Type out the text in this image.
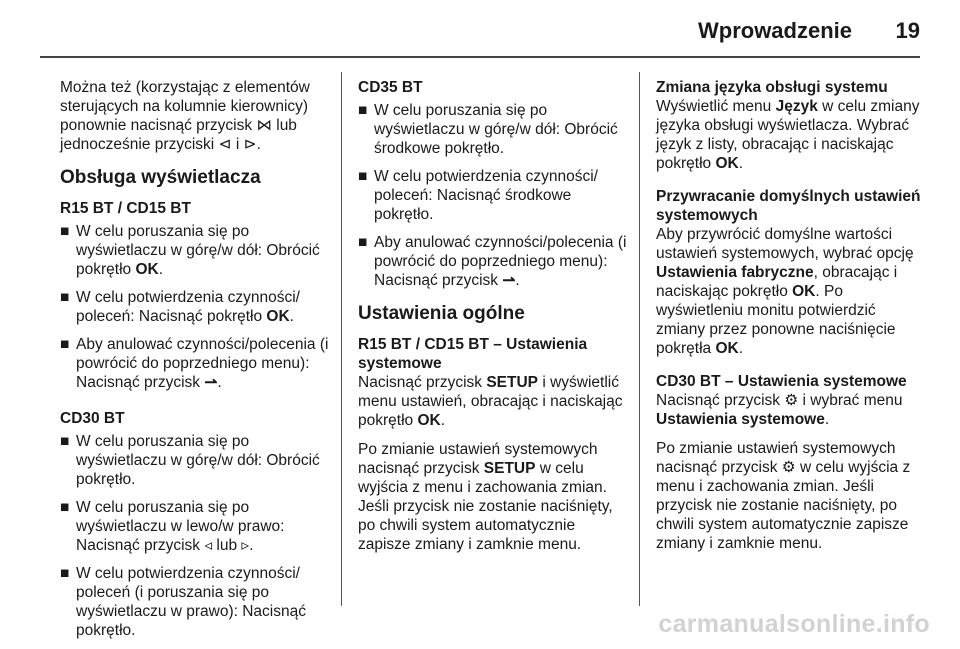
Wprowadzenie 19

Można też (korzystając z elementów sterujących na kolumnie kierownicy) ponownie nacisnąć przycisk ⋈ lub jednocześnie przyciski ⊲ i ⊳.

Obsługa wyświetlacza
R15 BT / CD15 BT
■ W celu poruszania się po wyświetlaczu w górę/w dół: Obrócić pokrętło OK.
■ W celu potwierdzenia czynności/ poleceń: Nacisnąć pokrętło OK.
■ Aby anulować czynności/polecenia (i powrócić do poprzedniego menu): Nacisnąć przycisk ⇀.
CD30 BT
■ W celu poruszania się po wyświetlaczu w górę/w dół: Obrócić pokrętło.
■ W celu poruszania się po wyświetlaczu w lewo/w prawo: Nacisnąć przycisk ◃ lub ▹.
■ W celu potwierdzenia czynności/ poleceń (i poruszania się po wyświetlaczu w prawo): Nacisnąć pokrętło.
CD35 BT
■ W celu poruszania się po wyświetlaczu w górę/w dół: Obrócić środkowe pokrętło.
■ W celu potwierdzenia czynności/ poleceń: Nacisnąć środkowe pokrętło.
■ Aby anulować czynności/polecenia (i powrócić do poprzedniego menu): Nacisnąć przycisk ⇀.
Ustawienia ogólne
R15 BT / CD15 BT – Ustawienia systemowe

Nacisnąć przycisk SETUP i wyświetlić menu ustawień, obracając i naciskając pokrętło OK.

Po zmianie ustawień systemowych nacisnąć przycisk SETUP w celu wyjścia z menu i zachowania zmian. Jeśli przycisk nie zostanie naciśnięty, po chwili system automatycznie zapisze zmiany i zamknie menu.

Zmiana języka obsługi systemu

Wyświetlić menu Język w celu zmiany języka obsługi wyświetlacza. Wybrać język z listy, obracając i naciskając pokrętło OK.

Przywracanie domyślnych ustawień systemowych

Aby przywrócić domyślne wartości ustawień systemowych, wybrać opcję Ustawienia fabryczne, obracając i naciskając pokrętło OK. Po wyświetleniu monitu potwierdzić zmiany przez ponowne naciśnięcie pokrętła OK.

CD30 BT – Ustawienia systemowe

Nacisnąć przycisk ⚙ i wybrać menu Ustawienia systemowe.

Po zmianie ustawień systemowych nacisnąć przycisk ⚙ w celu wyjścia z menu i zachowania zmian. Jeśli przycisk nie zostanie naciśnięty, po chwili system automatycznie zapisze zmiany i zamknie menu.

carmanualsonline.info
